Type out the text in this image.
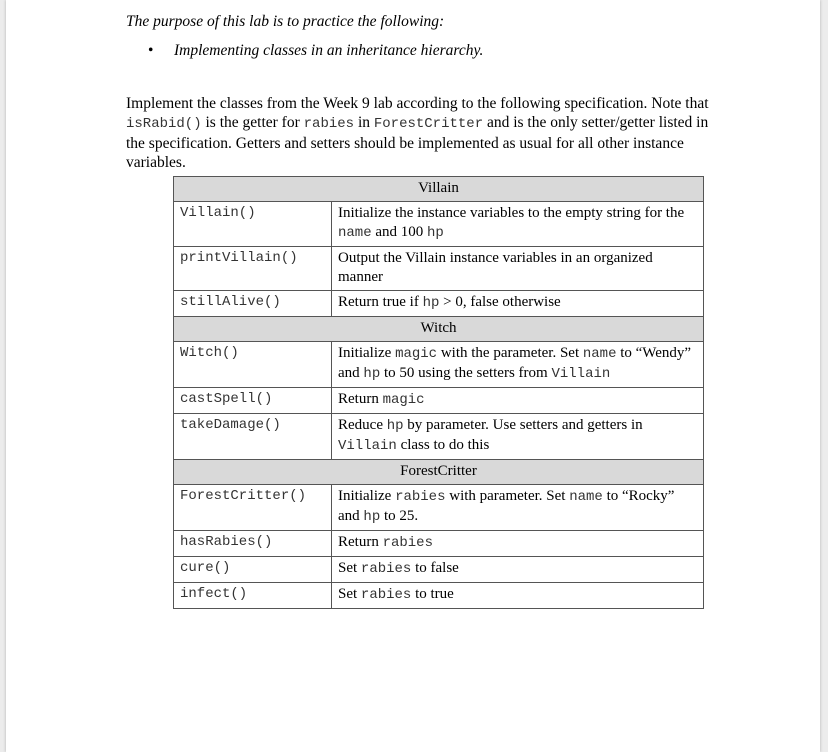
The purpose of this lab is to practice the following:
• Implementing classes in an inheritance hierarchy.
Implement the classes from the Week 9 lab according to the following specification. Note that isRabid() is the getter for rabies in ForestCritter and is the only setter/getter listed in the specification. Getters and setters should be implemented as usual for all other instance variables.
Villain	
Villain()	Initialize the instance variables to the empty string for the name and 100 hp
printVillain()	Output the Villain instance variables in an organized manner
stillAlive()	Return true if hp > 0, false otherwise
Witch	
Witch()	Initialize magic with the parameter. Set name to “Wendy” and hp to 50 using the setters from Villain
castSpell()	Return magic
takeDamage()	Reduce hp by parameter. Use setters and getters in Villain class to do this
ForestCritter	
ForestCritter()	Initialize rabies with parameter. Set name to “Rocky” and hp to 25.
hasRabies()	Return rabies
cure()	Set rabies to false
infect()	Set rabies to true
